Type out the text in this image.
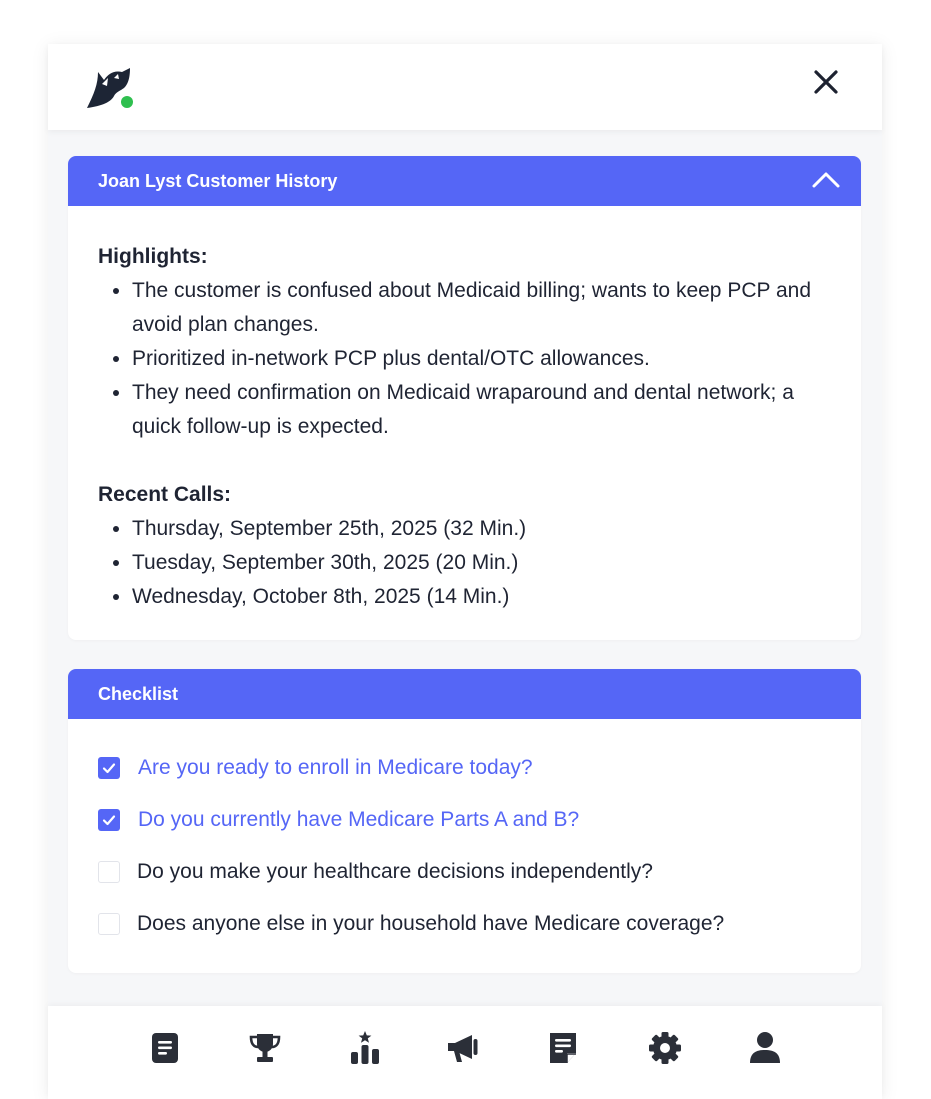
Joan Lyst Customer History
Highlights:
• The customer is confused about Medicaid billing; wants to keep PCP and avoid plan changes.
• Prioritized in-network PCP plus dental/OTC allowances.
• They need confirmation on Medicaid wraparound and dental network; a quick follow-up is expected.
Recent Calls:
• Thursday, September 25th, 2025 (32 Min.)
• Tuesday, September 30th, 2025 (20 Min.)
• Wednesday, October 8th, 2025 (14 Min.)
Checklist
Are you ready to enroll in Medicare today?
Do you currently have Medicare Parts A and B?
Do you make your healthcare decisions independently?
Does anyone else in your household have Medicare coverage?
